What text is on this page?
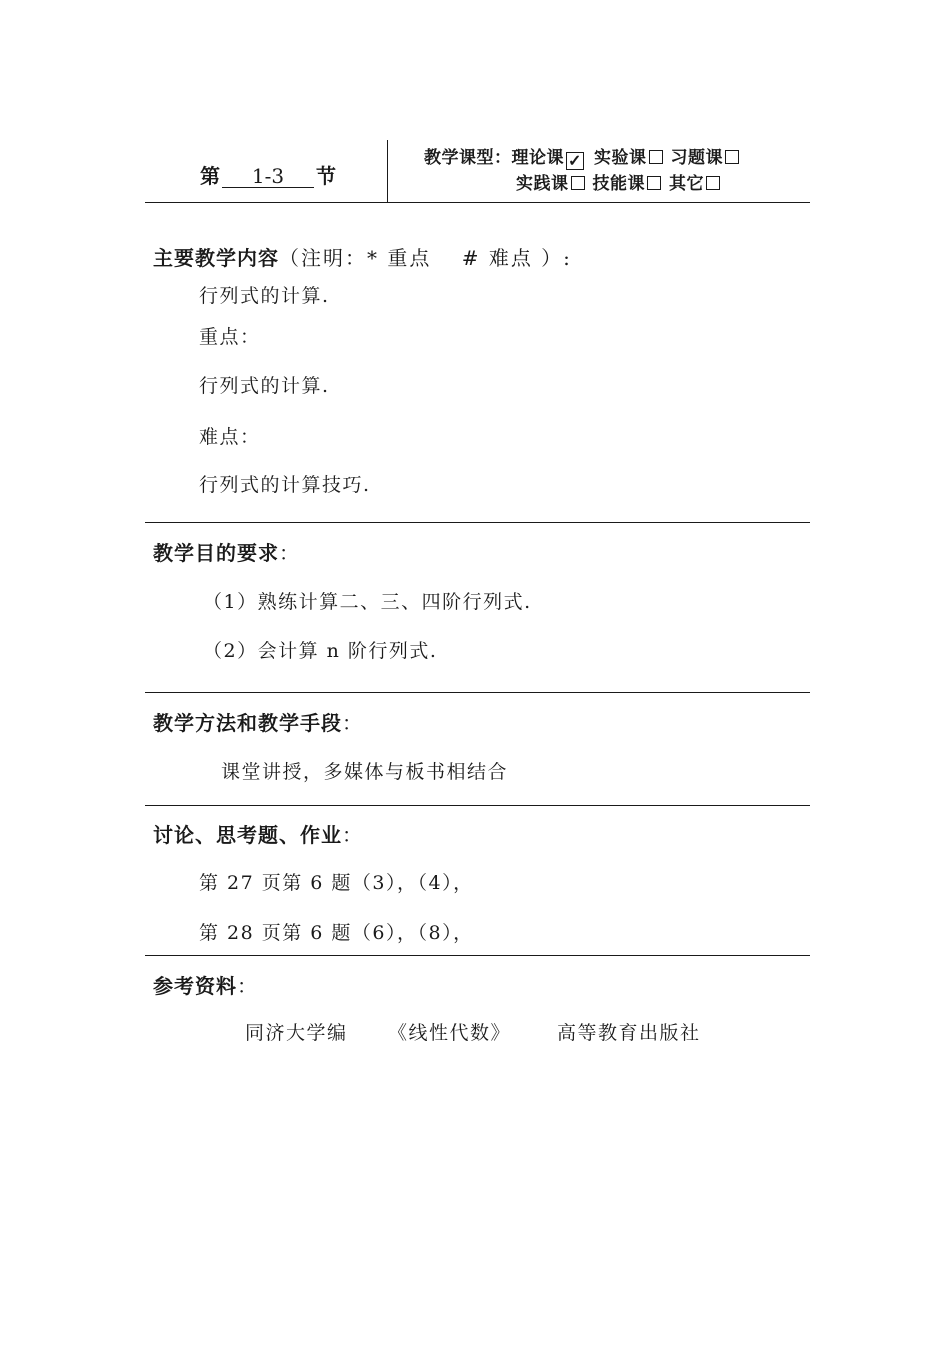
第 1-3 节
教学课型：理论课 ✓ 实验课 习题课
实践课 技能课 其它
主要教学内容（注明：* 重点　 # 难点 ）:
行列式的计算.
重点：
行列式的计算.
难点：
行列式的计算技巧.
教学目的要求：
（1）熟练计算二、三、四阶行列式.
（2）会计算 n 阶行列式.
教学方法和教学手段：
课堂讲授，多媒体与板书相结合
讨论、思考题、作业：
第 27 页第 6 题（3），（4），
第 28 页第 6 题（6），（8），
参考资料：
同济大学编 《线性代数》 高等教育出版社
